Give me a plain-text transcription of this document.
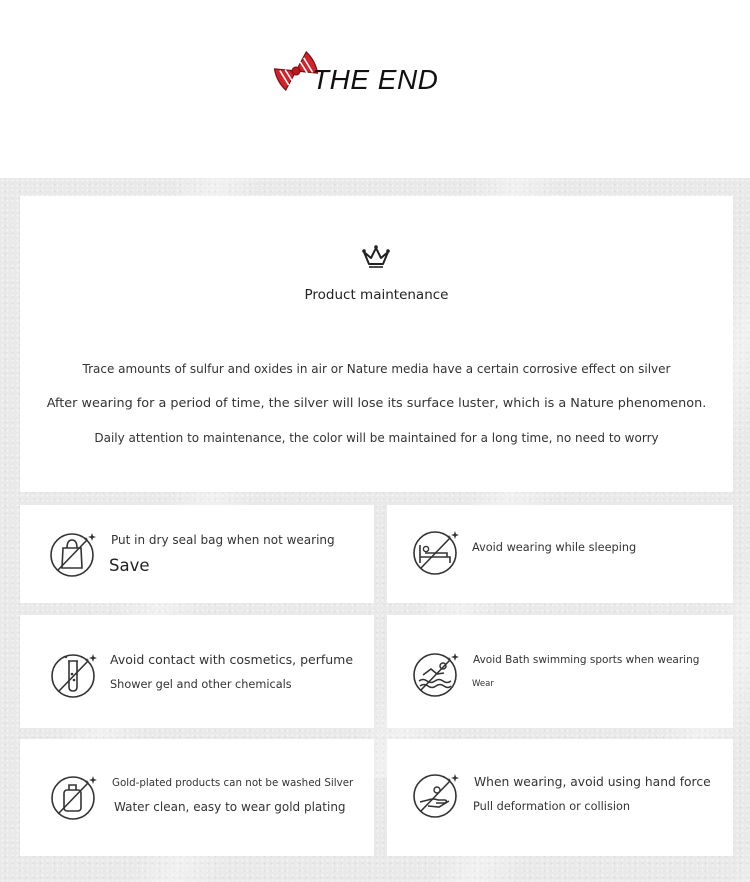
THE END
Product maintenance
Trace amounts of sulfur and oxides in air or Nature media have a certain corrosive effect on silver
After wearing for a period of time, the silver will lose its surface luster, which is a Nature phenomenon.
Daily attention to maintenance, the color will be maintained for a long time, no need to worry
Put in dry seal bag when not wearing
Save
Avoid wearing while sleeping
Avoid contact with cosmetics, perfume
Shower gel and other chemicals
Avoid Bath swimming sports when wearing
Wear
Gold-plated products can not be washed Silver
Water clean, easy to wear gold plating
When wearing, avoid using hand force
Pull deformation or collision
